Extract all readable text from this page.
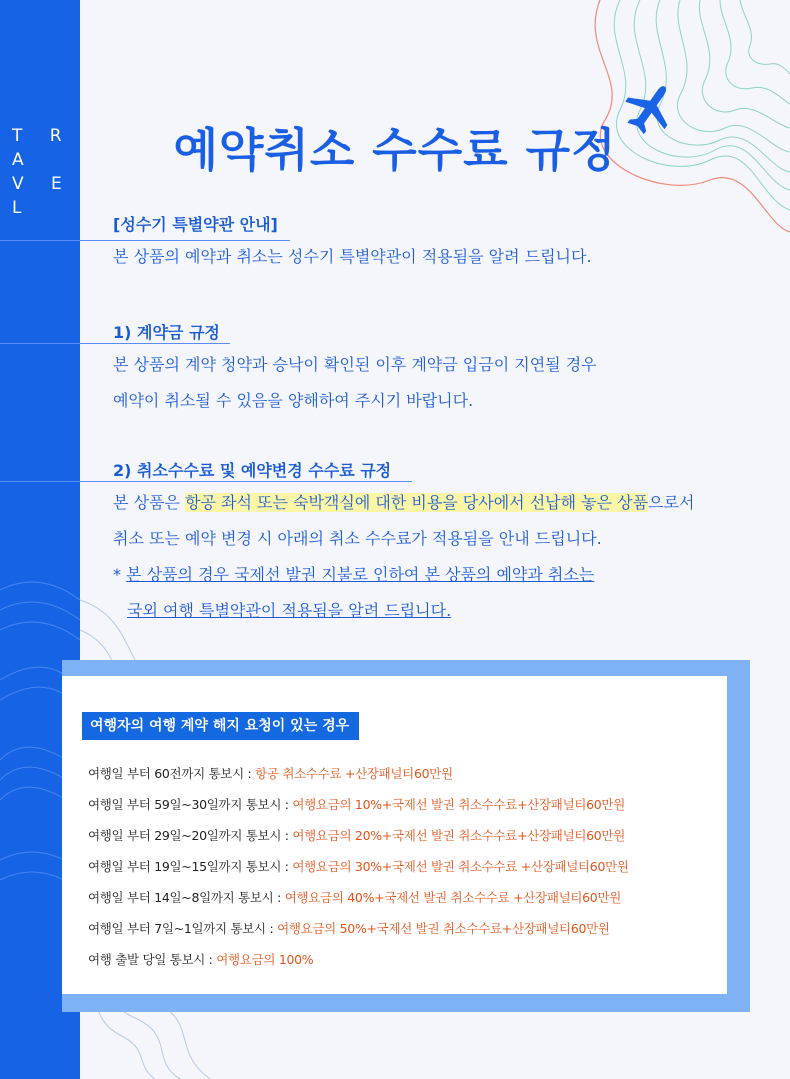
T R A
V E L
예약취소 수수료 규정
[성수기 특별약관 안내]
본 상품의 예약과 취소는 성수기 특별약관이 적용됨을 알려 드립니다.
1) 계약금 규정
본 상품의 계약 청약과 승낙이 확인된 이후 계약금 입금이 지연될 경우
예약이 취소될 수 있음을 양해하여 주시기 바랍니다.
2) 취소수수료 및 예약변경 수수료 규정
본 상품은 항공 좌석 또는 숙박객실에 대한 비용을 당사에서 선납해 놓은 상품으로서
취소 또는 예약 변경 시 아래의 취소 수수료가 적용됨을 안내 드립니다.
* 본 상품의 경우 국제선 발권 지불로 인하여 본 상품의 예약과 취소는
국외 여행 특별약관이 적용됨을 알려 드립니다.
여행자의 여행 계약 해지 요청이 있는 경우
여행일 부터 60전까지 통보시 : 항공 취소수수료 +산장패널티60만원
여행일 부터 59일~30일까지 통보시 : 여행요금의 10%+국제선 발권 취소수수료+산장패널티60만원
여행일 부터 29일~20일까지 통보시 : 여행요금의 20%+국제선 발권 취소수수료+산장패널티60만원
여행일 부터 19일~15일까지 통보시 : 여행요금의 30%+국제선 발권 취소수수료 +산장패널티60만원
여행일 부터 14일~8일까지 통보시 : 여행요금의 40%+국제선 발권 취소수수료 +산장패널티60만원
여행일 부터 7일~1일까지 통보시 : 여행요금의 50%+국제선 발권 취소수수료+산장패널티60만원
여행 출발 당일 통보시 : 여행요금의 100%
